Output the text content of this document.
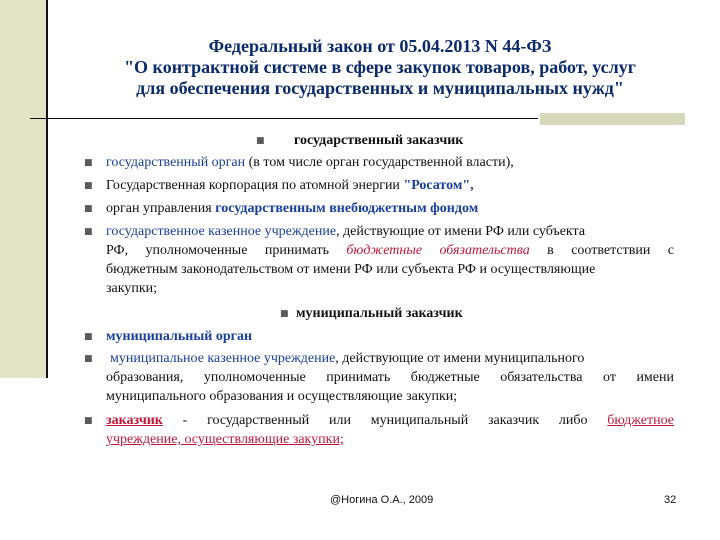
Федеральный закон от 05.04.2013 N 44-ФЗ
"О контрактной системе в сфере закупок товаров, работ, услуг
для обеспечения государственных и муниципальных нужд"
■ государственный заказчик
■ государственный орган (в том числе орган государственной власти),
■ Государственная корпорация по атомной энергии "Росатом",
■ орган управления государственным внебюджетным фондом
■ государственное казенное учреждение, действующие от имени РФ или субъекта
РФ, уполномоченные принимать бюджетные обязательства в соответствии с
бюджетным законодательством от имени РФ или субъекта РФ и осуществляющие
закупки;
■ муниципальный заказчик
■ муниципальный орган
■ муниципальное казенное учреждение, действующие от имени муниципального
образования, уполномоченные принимать бюджетные обязательства от имени
муниципального образования и осуществляющие закупки;
■ заказчик - государственный или муниципальный заказчик либо бюджетное
учреждение, осуществляющие закупки;
@Ногина О.А., 2009	32
